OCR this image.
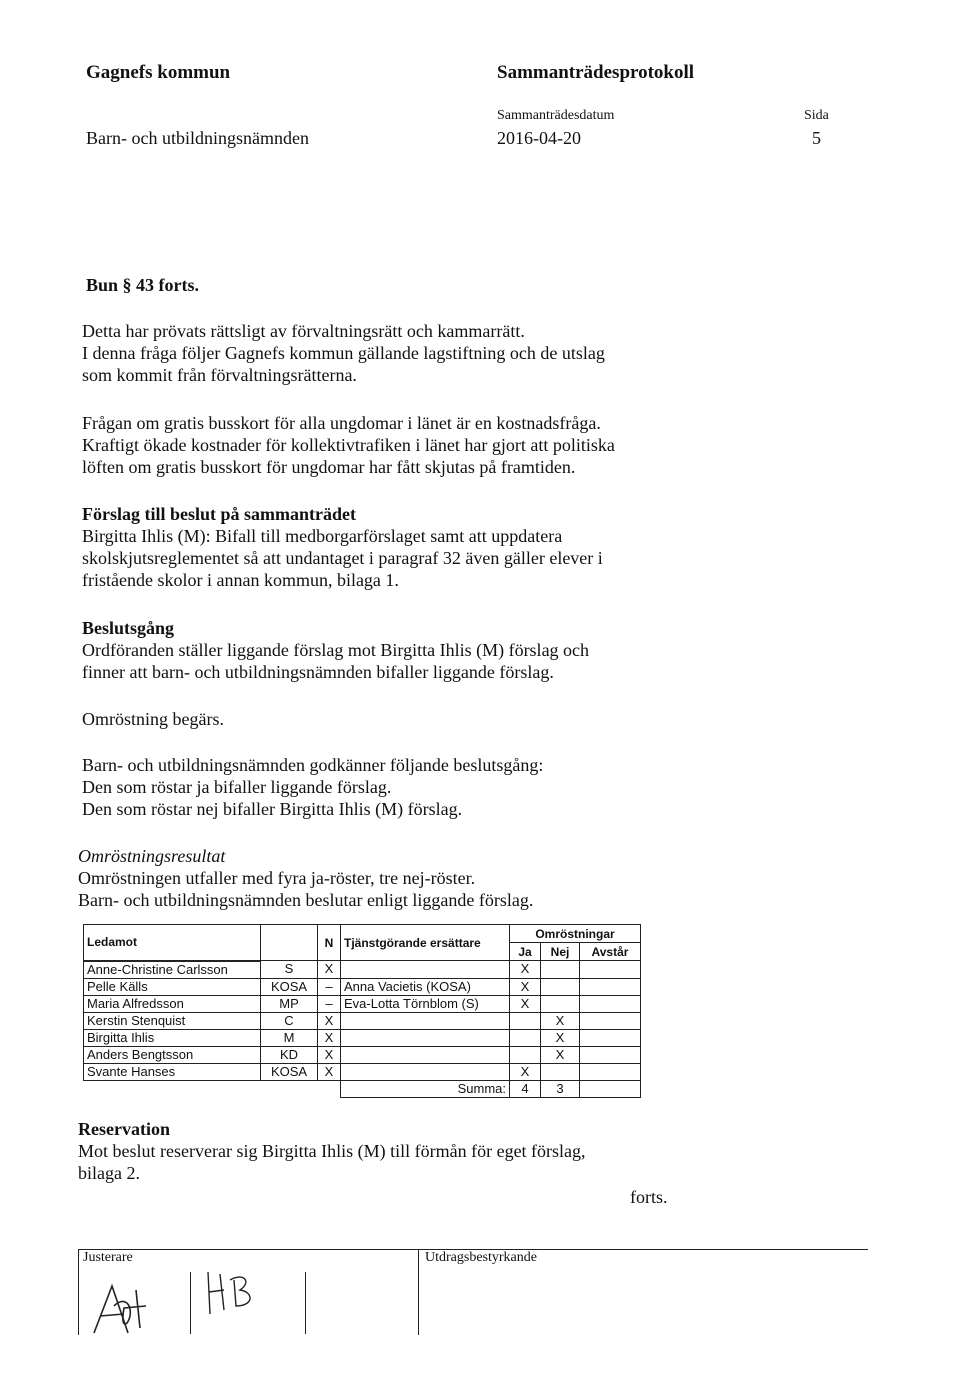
Gagnefs kommun	Sammanträdesprotokoll
Sammanträdesdatum	Sida
Barn- och utbildningsnämnden	2016-04-20	5
Bun § 43 forts.
Detta har prövats rättsligt av förvaltningsrätt och kammarrätt.
I denna fråga följer Gagnefs kommun gällande lagstiftning och de utslag
som kommit från förvaltningsrätterna.
Frågan om gratis busskort för alla ungdomar i länet är en kostnadsfråga.
Kraftigt ökade kostnader för kollektivtrafiken i länet har gjort att politiska
löften om gratis busskort för ungdomar har fått skjutas på framtiden.
Förslag till beslut på sammanträdet
Birgitta Ihlis (M): Bifall till medborgarförslaget samt att uppdatera
skolskjutsreglementet så att undantaget i paragraf 32 även gäller elever i
fristående skolor i annan kommun, bilaga 1.
Beslutsgång
Ordföranden ställer liggande förslag mot Birgitta Ihlis (M) förslag och
finner att barn- och utbildningsnämnden bifaller liggande förslag.
Omröstning begärs.
Barn- och utbildningsnämnden godkänner följande beslutsgång:
Den som röstar ja bifaller liggande förslag.
Den som röstar nej bifaller Birgitta Ihlis (M) förslag.
Omröstningsresultat
Omröstningen utfaller med fyra ja-röster, tre nej-röster.
Barn- och utbildningsnämnden beslutar enligt liggande förslag.
Ledamot		N	Tjänstgörande ersättare	Omröstningar		
				Ja	Nej	Avstår
Anne-Christine Carlsson	S	X		X		
Pelle Källs	KOSA	–	Anna Vacietis (KOSA)	X		
Maria Alfredsson	MP	–	Eva-Lotta Törnblom (S)	X		
Kerstin Stenquist	C	X			X	
Birgitta Ihlis	M	X			X	
Anders Bengtsson	KD	X			X	
Svante Hanses	KOSA	X		X		
			Summa:	4	3	
Reservation
Mot beslut reserverar sig Birgitta Ihlis (M) till förmån för eget förslag,
bilaga 2.
forts.
Justerare	Utdragsbestyrkande
